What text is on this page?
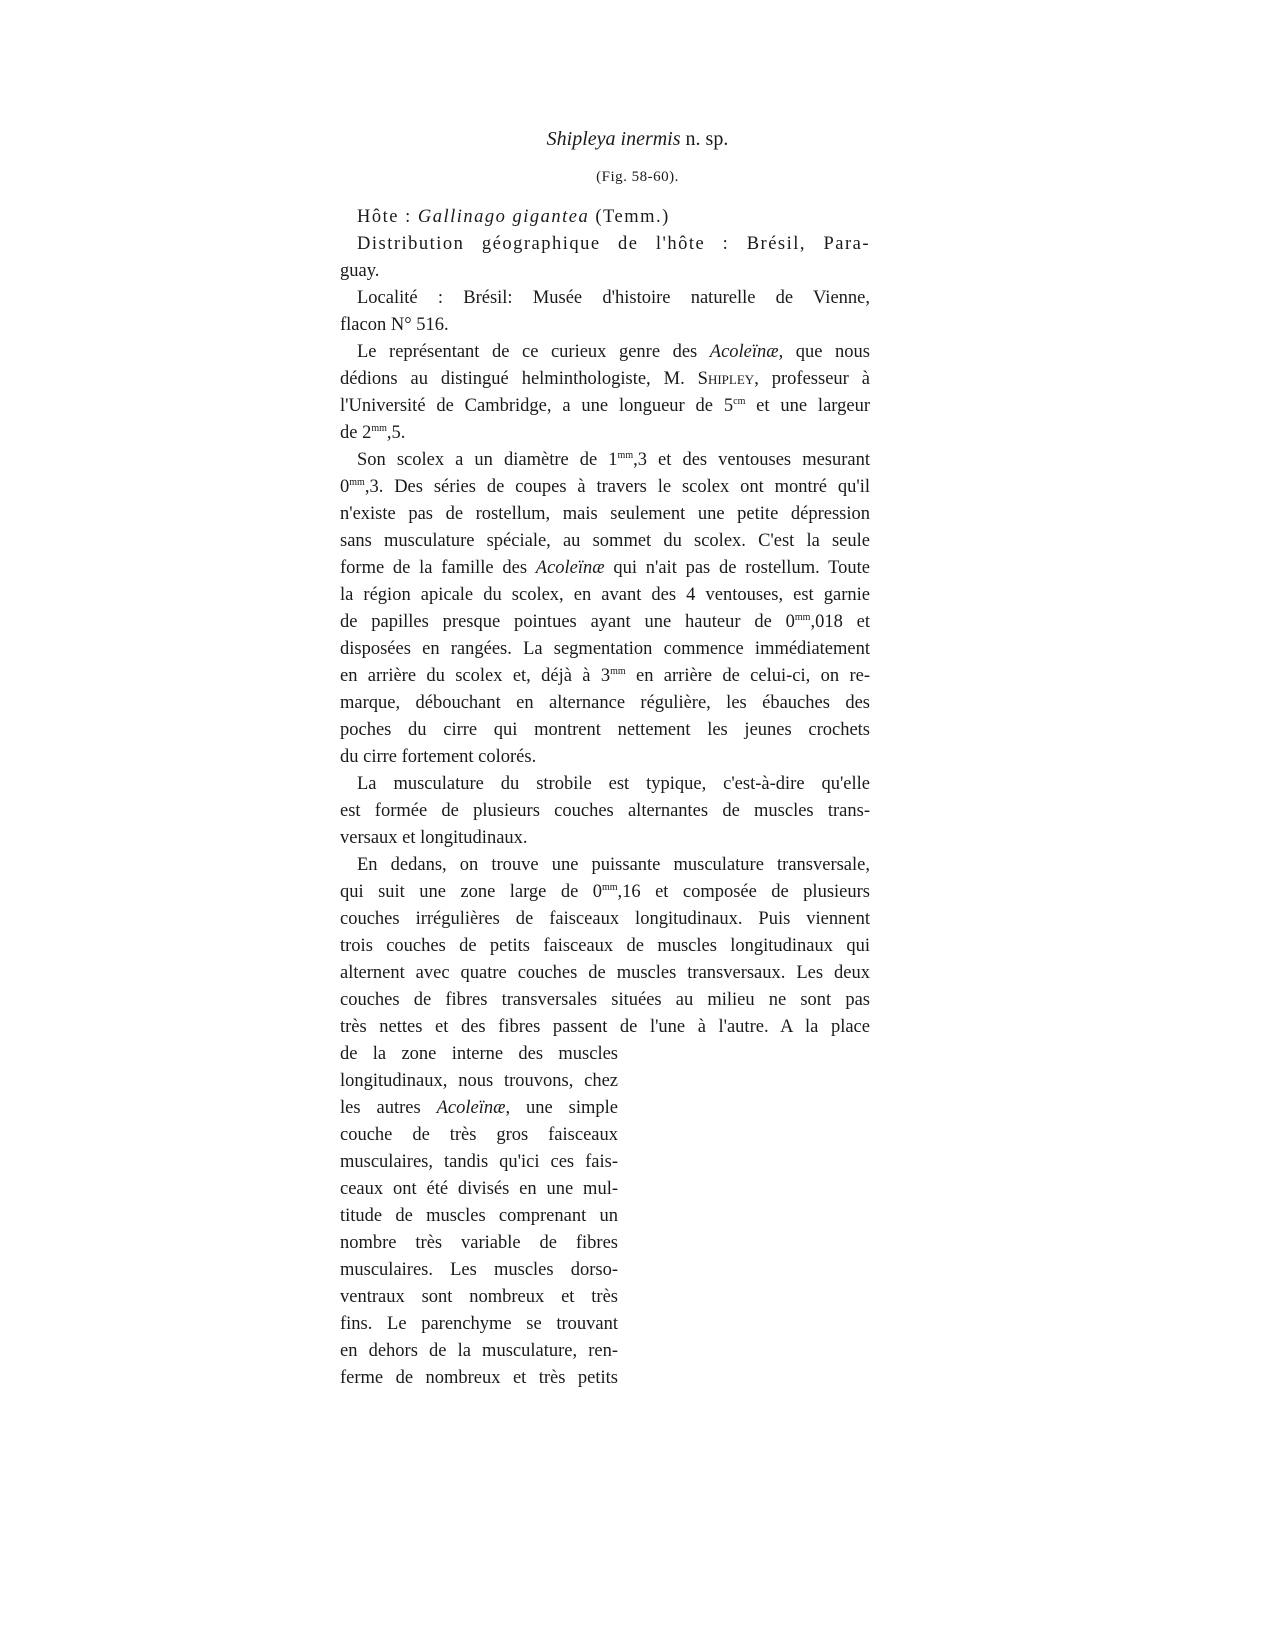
Shipleya inermis n. sp.
(Fig. 58-60).
Hôte : Gallinago gigantea (Temm.)
Distribution géographique de l'hôte : Brésil, Para-
guay.
Localité : Brésil: Musée d'histoire naturelle de Vienne,
flacon N° 516.
Le représentant de ce curieux genre des Acoleïnæ, que nous
dédions au distingué helminthologiste, M. Shipley, professeur à
l'Université de Cambridge, a une longueur de $5^{cm}$ et une largeur
de $2^{mm},5$.
Son scolex a un diamètre de $1^{mm},3$ et des ventouses mesurant
$0^{mm},3$. Des séries de coupes à travers le scolex ont montré qu'il
n'existe pas de rostellum, mais seulement une petite dépression
sans musculature spéciale, au sommet du scolex. C'est la seule
forme de la famille des Acoleïnæ qui n'ait pas de rostellum. Toute
la région apicale du scolex, en avant des 4 ventouses, est garnie
de papilles presque pointues ayant une hauteur de $0^{mm},018$ et
disposées en rangées. La segmentation commence immédiatement
en arrière du scolex et, déjà à $3^{mm}$ en arrière de celui-ci, on re-
marque, débouchant en alternance régulière, les ébauches des
poches du cirre qui montrent nettement les jeunes crochets
du cirre fortement colorés.
La musculature du strobile est typique, c'est-à-dire qu'elle
est formée de plusieurs couches alternantes de muscles trans-
versaux et longitudinaux.
En dedans, on trouve une puissante musculature transversale,
qui suit une zone large de $0^{mm},16$ et composée de plusieurs
couches irrégulières de faisceaux longitudinaux. Puis viennent
trois couches de petits faisceaux de muscles longitudinaux qui
alternent avec quatre couches de muscles transversaux. Les deux
couches de fibres transversales situées au milieu ne sont pas
très nettes et des fibres passent de l'une à l'autre. A la place
de la zone interne des muscles
longitudinaux, nous trouvons, chez
les autres Acoleïnæ, une simple
couche de très gros faisceaux
musculaires, tandis qu'ici ces fais-
ceaux ont été divisés en une mul-
titude de muscles comprenant un
nombre très variable de fibres
musculaires. Les muscles dorso-
ventraux sont nombreux et très
fins. Le parenchyme se trouvant
en dehors de la musculature, ren-
ferme de nombreux et très petits
